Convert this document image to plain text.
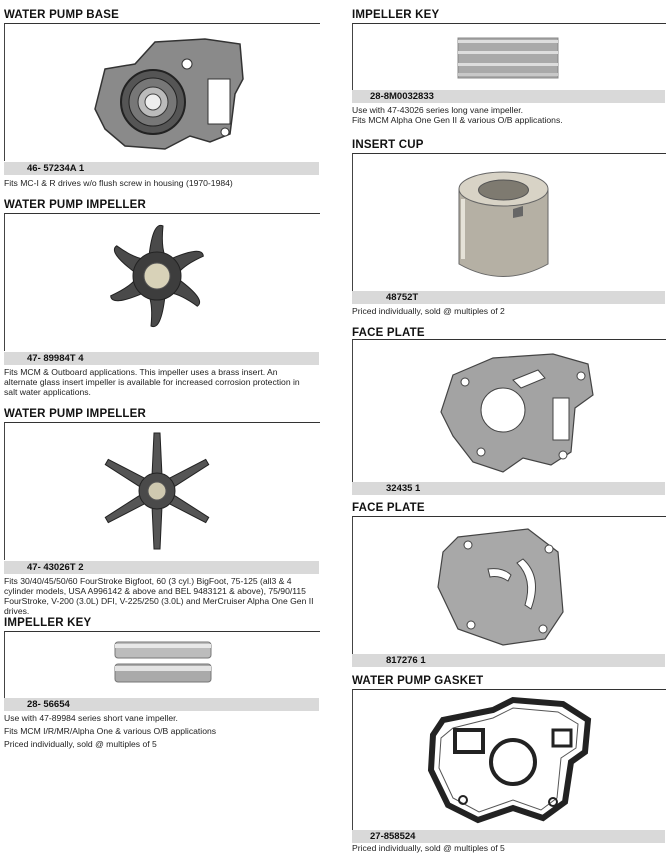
WATER PUMP BASE
46- 57234A 1
Fits MC-I & R drives w/o flush screw in housing (1970-1984)
WATER PUMP IMPELLER
47- 89984T 4
Fits MCM & Outboard applications. This impeller uses a brass insert. An alternate glass insert impeller is available for increased corrosion protection in salt water applications.
WATER PUMP IMPELLER
47- 43026T 2
Fits 30/40/45/50/60 FourStroke Bigfoot, 60 (3 cyl.) BigFoot, 75-125 (all3 & 4 cylinder models, USA A996142 & above and BEL 9483121 & above), 75/90/115 FourStroke, V-200 (3.0L) DFI, V-225/250 (3.0L) and MerCruiser Alpha One Gen II drives.
IMPELLER KEY
28- 56654
Use with 47-89984 series short vane impeller.
Fits MCM I/R/MR/Alpha One & various O/B applications
Priced individually, sold @ multiples of 5
IMPELLER KEY
28-8M0032833
Use with 47-43026 series long vane impeller.
Fits MCM Alpha One Gen II & various O/B applications.
INSERT CUP
48752T
Priced individually, sold @ multiples of 2
FACE PLATE
32435 1
FACE PLATE
817276 1
WATER PUMP GASKET
27-858524
Priced individually, sold @ multiples of 5
